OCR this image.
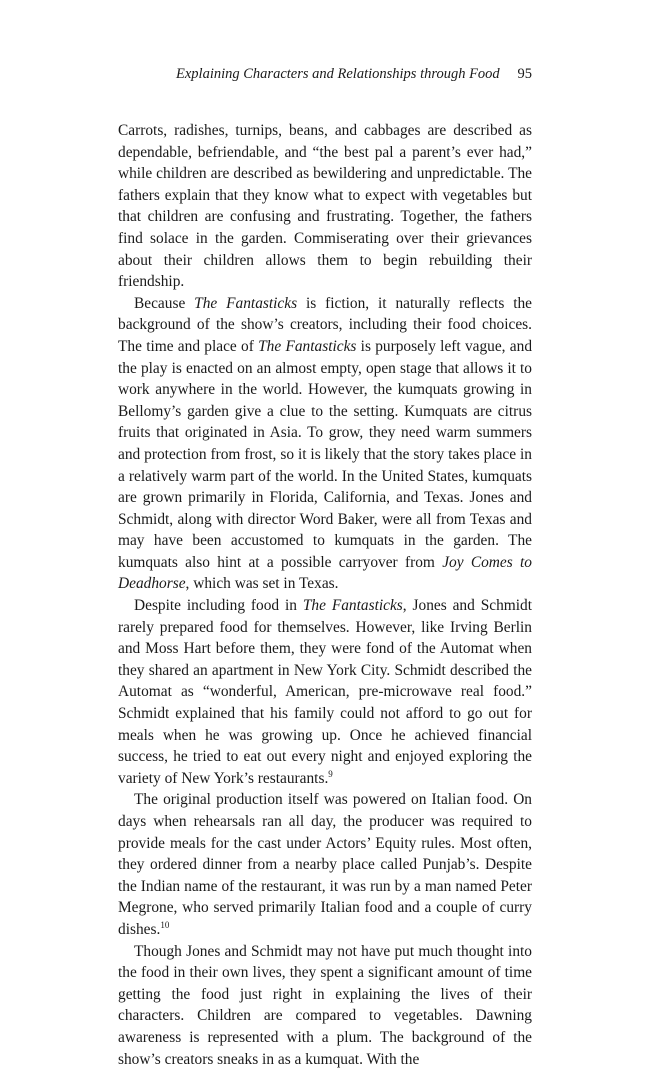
Explaining Characters and Relationships through Food 95

Carrots, radishes, turnips, beans, and cabbages are described as dependable, befriendable, and “the best pal a parent’s ever had,” while children are described as bewildering and unpredictable. The fathers explain that they know what to expect with vegetables but that children are confusing and frustrating. Together, the fathers find solace in the garden. Commiserating over their grievances about their children allows them to begin rebuilding their friendship.

Because The Fantasticks is fiction, it naturally reflects the background of the show’s creators, including their food choices. The time and place of The Fantasticks is purposely left vague, and the play is enacted on an almost empty, open stage that allows it to work anywhere in the world. However, the kumquats growing in Bellomy’s garden give a clue to the setting. Kumquats are citrus fruits that originated in Asia. To grow, they need warm summers and protection from frost, so it is likely that the story takes place in a relatively warm part of the world. In the United States, kumquats are grown primarily in Florida, California, and Texas. Jones and Schmidt, along with director Word Baker, were all from Texas and may have been accustomed to kumquats in the garden. The kumquats also hint at a possible carryover from Joy Comes to Deadhorse, which was set in Texas.

Despite including food in The Fantasticks, Jones and Schmidt rarely prepared food for themselves. However, like Irving Berlin and Moss Hart before them, they were fond of the Automat when they shared an apartment in New York City. Schmidt described the Automat as “wonderful, American, pre-microwave real food.” Schmidt explained that his family could not afford to go out for meals when he was growing up. Once he achieved financial success, he tried to eat out every night and enjoyed exploring the variety of New York’s restaurants.$^9$

The original production itself was powered on Italian food. On days when rehearsals ran all day, the producer was required to provide meals for the cast under Actors’ Equity rules. Most often, they ordered dinner from a nearby place called Punjab’s. Despite the Indian name of the restaurant, it was run by a man named Peter Megrone, who served primarily Italian food and a couple of curry dishes.$^{10}$

Though Jones and Schmidt may not have put much thought into the food in their own lives, they spent a significant amount of time getting the food just right in explaining the lives of their characters. Children are compared to vegetables. Dawning awareness is represented with a plum. The background of the show’s creators sneaks in as a kumquat. With the
